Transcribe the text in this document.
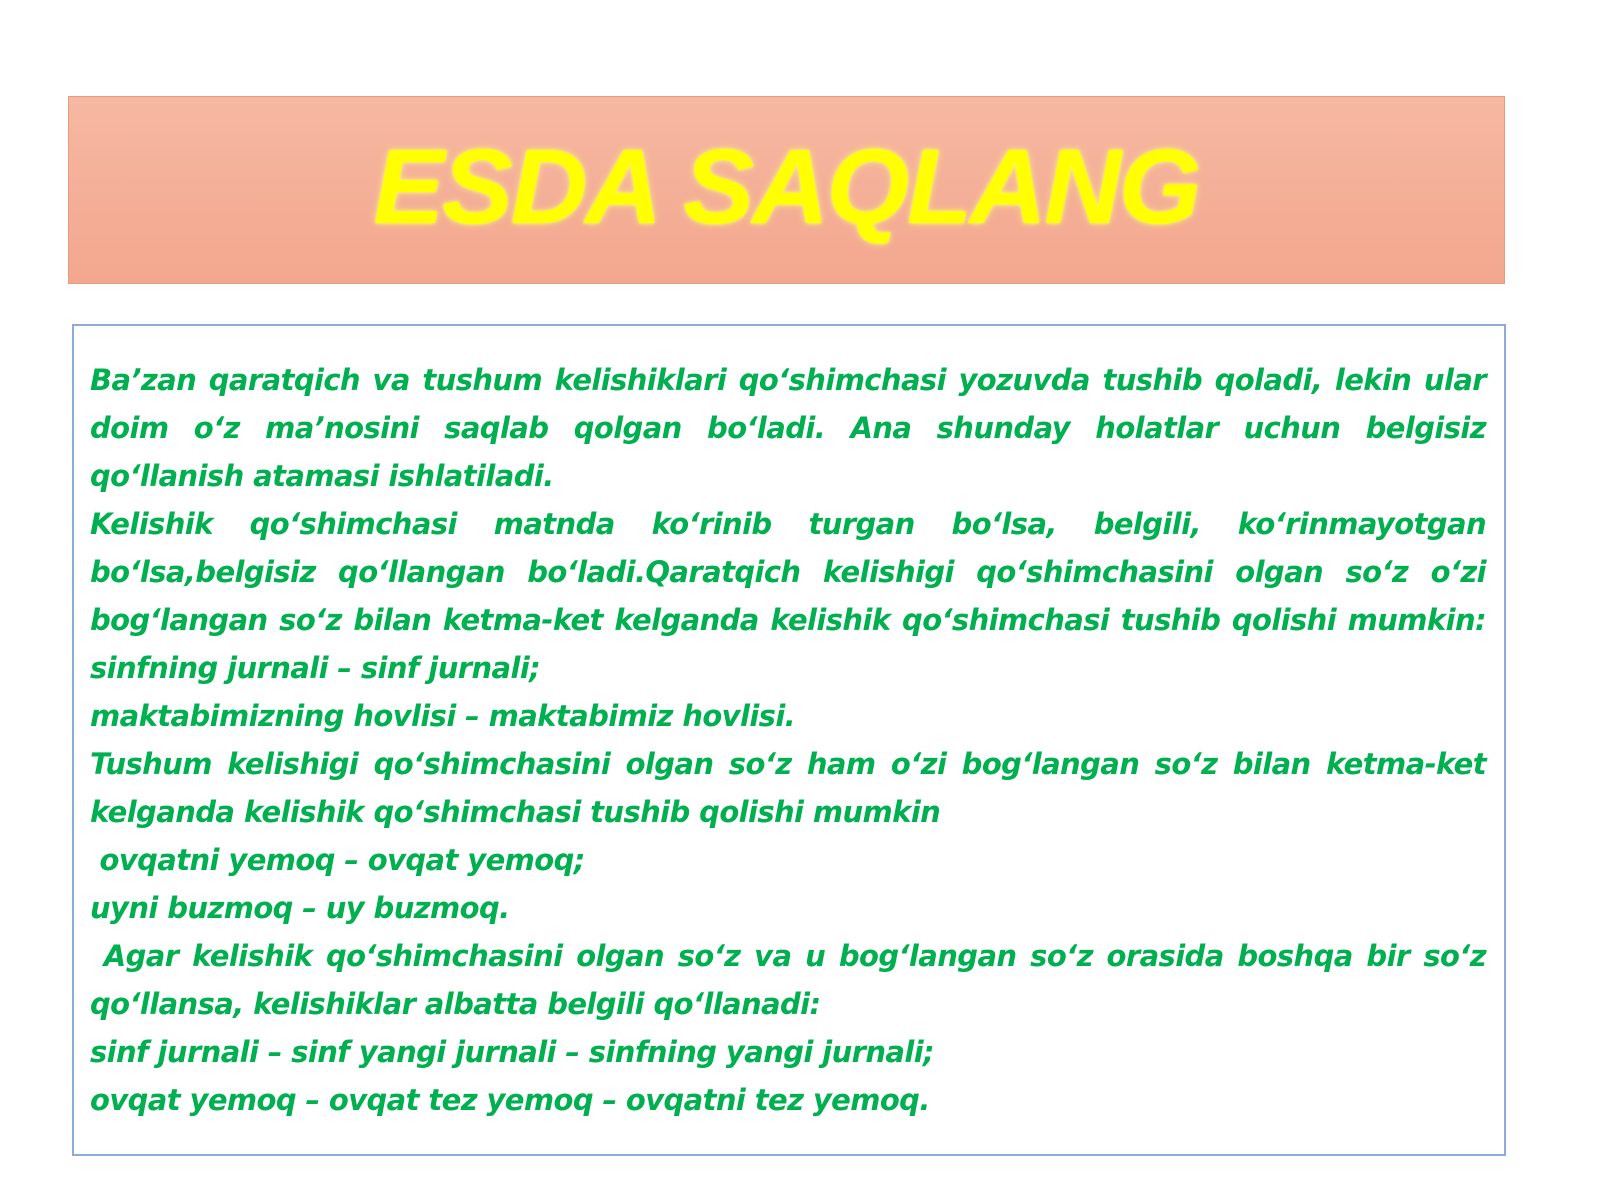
ESDA SAQLANG

Ba’zan qaratqich va tushum kelishiklari qo‘shimchasi yozuvda tushib qoladi, lekin ular doim o‘z ma’nosini saqlab qolgan bo‘ladi. Ana shunday holatlar uchun belgisiz qo‘llanish atamasi ishlatiladi.

Kelishik qo‘shimchasi matnda ko‘rinib turgan bo‘lsa, belgili, ko‘rinmayotgan bo‘lsa,belgisiz qo‘llangan bo‘ladi.Qaratqich kelishigi qo‘shimchasini olgan so‘z o‘zi bog‘langan so‘z bilan ketma-ket kelganda kelishik qo‘shimchasi tushib qolishi mumkin: sinfning jurnali – sinf jurnali;

maktabimizning hovlisi – maktabimiz hovlisi.

Tushum kelishigi qo‘shimchasini olgan so‘z ham o‘zi bog‘langan so‘z bilan ketma-ket kelganda kelishik qo‘shimchasi tushib qolishi mumkin

ovqatni yemoq – ovqat yemoq;

uyni buzmoq – uy buzmoq.

Agar kelishik qo‘shimchasini olgan so‘z va u bog‘langan so‘z orasida boshqa bir so‘z qo‘llansa, kelishiklar albatta belgili qo‘llanadi:

sinf jurnali – sinf yangi jurnali – sinfning yangi jurnali;

ovqat yemoq – ovqat tez yemoq – ovqatni tez yemoq.
